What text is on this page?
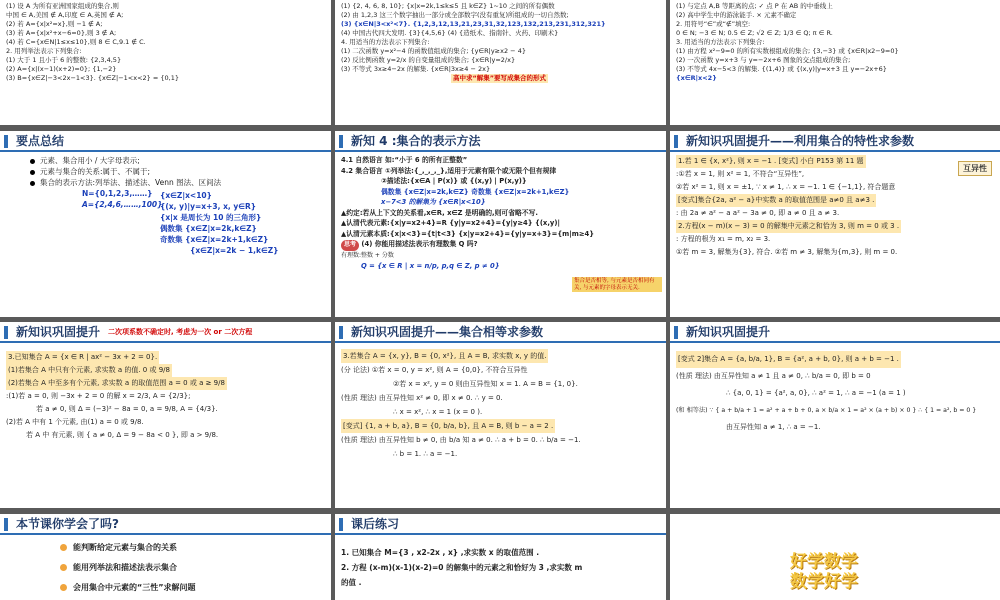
(1) 设 A 为所有亚洲国家组成的集合,则
中国 ∈ A,美国 ∉ A,印度 ∈ A,英国 ∉ A;
(2) 若 A={x|x²=x},则 −1 ∉ A;
(3) 若 A={x|x²+x−6=0},则 3 ∉ A;
(4) 若 C={x∈N|1≤x≤10},则 8 ∈ C,9.1 ∉ C.
2. 用列举法表示下列集合:
(1) 大于 1 且小于 6 的整数: {2,3,4,5}
(2) A={x|(x−1)(x+2)=0}; {1,−2}
(3) B={x∈Z|−3<2x−1<3}. {x∈Z|−1<x<2} = {0,1}
(1) {2, 4, 6, 8, 10}; {x|x=2k,1≤k≤5 且 k∈Z} 1~10 之间的所有偶数
(2) 由 1,2,3 这三个数字抽出一部分或全部数字(没有重复)所组成的一切自然数;
(3) {x∈N|3<x²<7}. {1,2,3,12,13,21,23,31,32,123,132,213,231,312,321}
(4) 中国古代四大发明. {3}{4,5,6} (4) {造纸术、指南针、火药、印刷术}
4. 用适当的方法表示下列集合:
(1) 二次函数 y=x²−4 的函数值组成的集合; {y∈R|y≥x2 − 4}
(2) 反比例函数 y=2/x 的自变量组成的集合; {x∈R|y=2/x}
(3) 不等式 3x≥4−2x 的解集. {x∈R|3x≥4 − 2x}
高中求“解集”要写成集合的形式
(1) 与定点 A,B 等距离的点; ✓ 点 P 在 AB 的中垂线上
(2) 高中学生中的游泳能手. × 元素不确定
2. 用符号“∈”或“∉”填空:
0 ∈ N; −3 ∈ N; 0.5 ∈ Z; √2 ∈ Z; 1/3 ∈ Q; π ∈ R.
3. 用适当的方法表示下列集合:
(1) 由方程 x²−9=0 的所有实数根组成的集合; {3,−3} 或 {x∈R|x2−9=0}
(2) 一次函数 y=x+3 与 y=−2x+6 图象的交点组成的集合;
(3) 不等式 4x−5<3 的解集. {(1,4)} 或 {(x,y)|y=x+3 且 y=−2x+6}
{x∈R|x<2}
要点总结
元素、集合用小 / 大字母表示;
元素与集合的关系:属于、不属于;
集合的表示方法:列举法、描述法、Venn 图法、区间法
N={0,1,2,3,……}
A={2,4,6,……,100}
{x∈Z|x<10}
{(x, y)|y=x+3, x, y∈R}
{x|x 是周长为 10 的三角形}
偶数集 {x∈Z|x=2k,k∈Z}
奇数集 {x∈Z|x=2k+1,k∈Z}
{x∈Z|x=2k − 1,k∈Z}
新知 4 :集合的表示方法
4.1 自然语言 如:“小于 6 的所有正整数”
4.2 集合语言 ①列举法:{_,_,_,_},适用于元素有限个或无限个但有规律
②描述法:{x∈A | P(x)} 或 {(x,y) | P(x,y)}
偶数集 {x∈Z|x=2k,k∈Z} 奇数集 {x∈Z|x=2k+1,k∈Z}
x−7<3 的解集为 {x∈R|x<10}
▲约定:若从上下文的关系看,x∈R, x∈Z 是明确的,则可省略不写.
▲认清代表元素:{x|y=x2+4}=R {y|y=x2+4}={y|y≥4} {(x,y)|
▲认清元素本质:{x|x<3}={t|t<3} {x|y=x2+4}={y|y=x+3}={m|m≥4}
思考 (4) 你能用描述法表示有理数集 Q 吗?
有理数:整数 + 分数
Q = {x ∈ R | x = n/p, p,q ∈ Z, p ≠ 0}
集合是否相等, 与元素是否相同有关, 与元素的字母表示无关.
新知识巩固提升——利用集合的特性求参数
1.若 1 ∈ {x, x²}, 则 x = −1 . [变式] 小白 P153 第 11 题
:①若 x = 1, 则 x² = 1, 不符合“互异性”,
②若 x² = 1, 则 x = ±1, ∵ x ≠ 1, ∴ x = −1. 1 ∈ {−1,1}, 符合题意
[变式]集合{2a, a² − a}中实数 a 的取值范围是 a≠0 且 a≠3 .
: 由 2a ≠ a² − a a² − 3a ≠ 0, 即 a ≠ 0 且 a ≠ 3.
2.方程(x − m)(x − 3) = 0 的解集中元素之和恰为 3, 则 m = 0 或 3 .
: 方程的根为 x₁ = m, x₂ = 3.
①若 m = 3, 解集为{3}, 符合. ②若 m ≠ 3, 解集为{m,3}, 则 m = 0.
互异性
新知识巩固提升 二次项系数不确定时, 考虑为一次 or 二次方程
3.已知集合 A = {x ∈ R | ax² − 3x + 2 = 0}.
(1)若集合 A 中只有个元素, 求实数 a 的值. 0 或 9/8
(2)若集合 A 中至多有个元素, 求实数 a 的取值范围 a = 0 或 a ≥ 9/8
:(1)若 a = 0, 则 −3x + 2 = 0 的解 x = 2/3, A = {2/3};
若 a ≠ 0, 则 Δ = (−3)² − 8a = 0, a = 9/8, A = {4/3}.
(2)若 A 中有 1 个元素, 由(1) a = 0 或 9/8.
若 A 中 有元素, 则 { a ≠ 0, Δ = 9 − 8a < 0 }, 即 a > 9/8.
新知识巩固提升——集合相等求参数
3.若集合 A = {x, y}, B = {0, x²}, 且 A = B, 求实数 x, y 的值.
(分 论法) ①若 x = 0, y = x², 则 A = {0,0}, 不符合互异性
②若 x = x², y = 0 则由互异性知 x = 1. A = B = {1, 0}.
(性质 理法) 由互异性知 x² ≠ 0, 即 x ≠ 0. ∴ y = 0.
∴ x = x², ∴ x = 1 (x = 0 ).
[变式] {1, a + b, a}, B = {0, b/a, b}, 且 A = B, 则 b − a = 2 .
(性质 理法) 由互异性知 b ≠ 0, 由 b/a 知 a ≠ 0. ∴ a + b = 0. ∴ b/a = −1.
∴ b = 1. ∴ a = −1.
新知识巩固提升
[变式 2]集合 A = {a, b/a, 1}, B = {a², a + b, 0}, 则 a + b = −1 .
(性质 理法) 由互异性知 a ≠ 1 且 a ≠ 0, ∴ b/a = 0, 即 b = 0
∴ {a, 0, 1} = {a², a, 0}, ∴ a² = 1, ∴ a = −1 (a = 1 )
(和 相等法) ∵ { a + b/a + 1 = a² + a + b + 0, a × b/a × 1 = a² × (a + b) × 0 } ∴ { 1 = a², b = 0 }
由互异性知 a ≠ 1, ∴ a = −1.
本节课你学会了吗?
能判断给定元素与集合的关系
能用列举法和描述法表示集合
会用集合中元素的“三性”求解问题
课后练习
1. 已知集合 M={3 , x2-2x , x} ,求实数 x 的取值范围 .
2. 方程 (x-m)(x-1)(x-2)=0 的解集中的元素之和恰好为 3 ,求实数 m
的值 .
好学数学
数学好学
